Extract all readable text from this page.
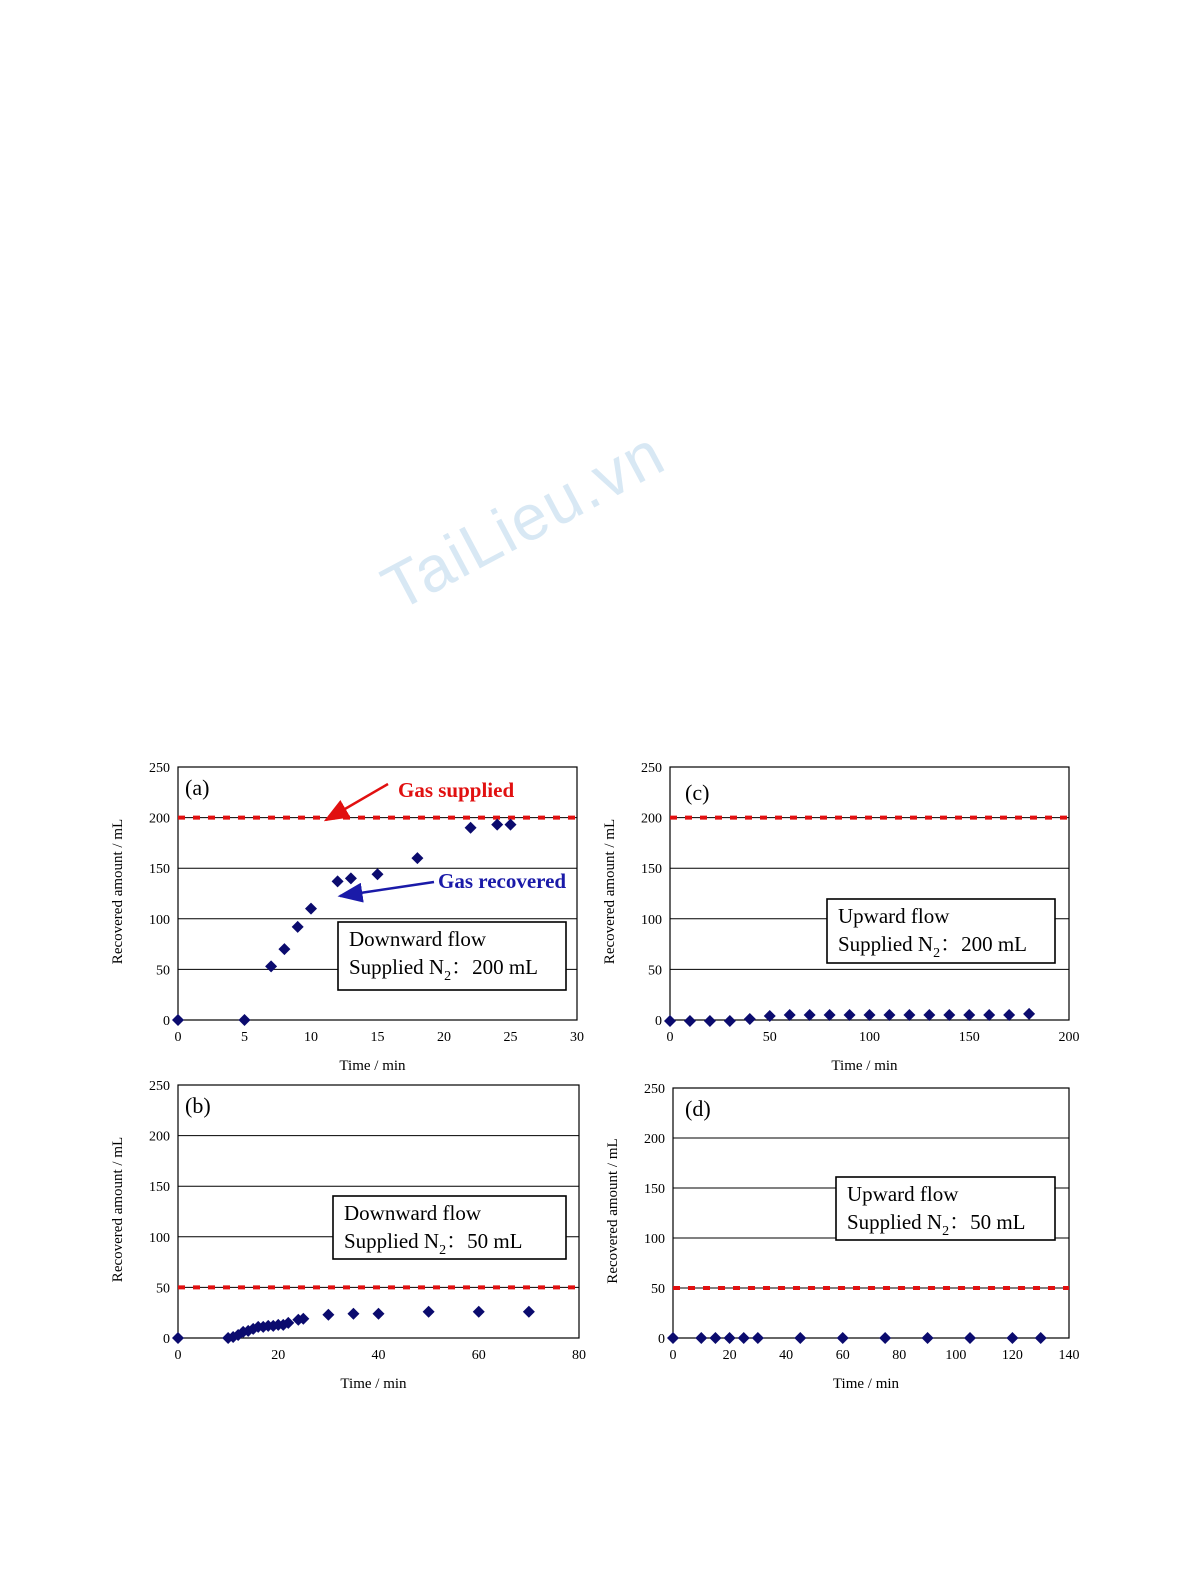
TaiLieu.vn
0
50
100
150
200
250
0	5	10	15	20	25	30
Time / min
Recovered amount / mL	Downward flow
Supplied $N_2$：200 mL
(a)
0
50
100
150
200
250
0	20	40	60	80
Time / min
Recovered amount / mL	Downward flow
Supplied $N_2$：50 mL
(b)
0
50
100
150
200
250
0	50	100	150	200
Time / min
Recovered amount / mL	Upward flow
Supplied $N_2$：200 mL
(c)
0
50
100
150
200
250
0	20	40	60	80	100	120	140
Time / min
Recovered amount / mL	Upward flow
Supplied $N_2$：50 mL
(d)
Gas supplied
Gas recovered
